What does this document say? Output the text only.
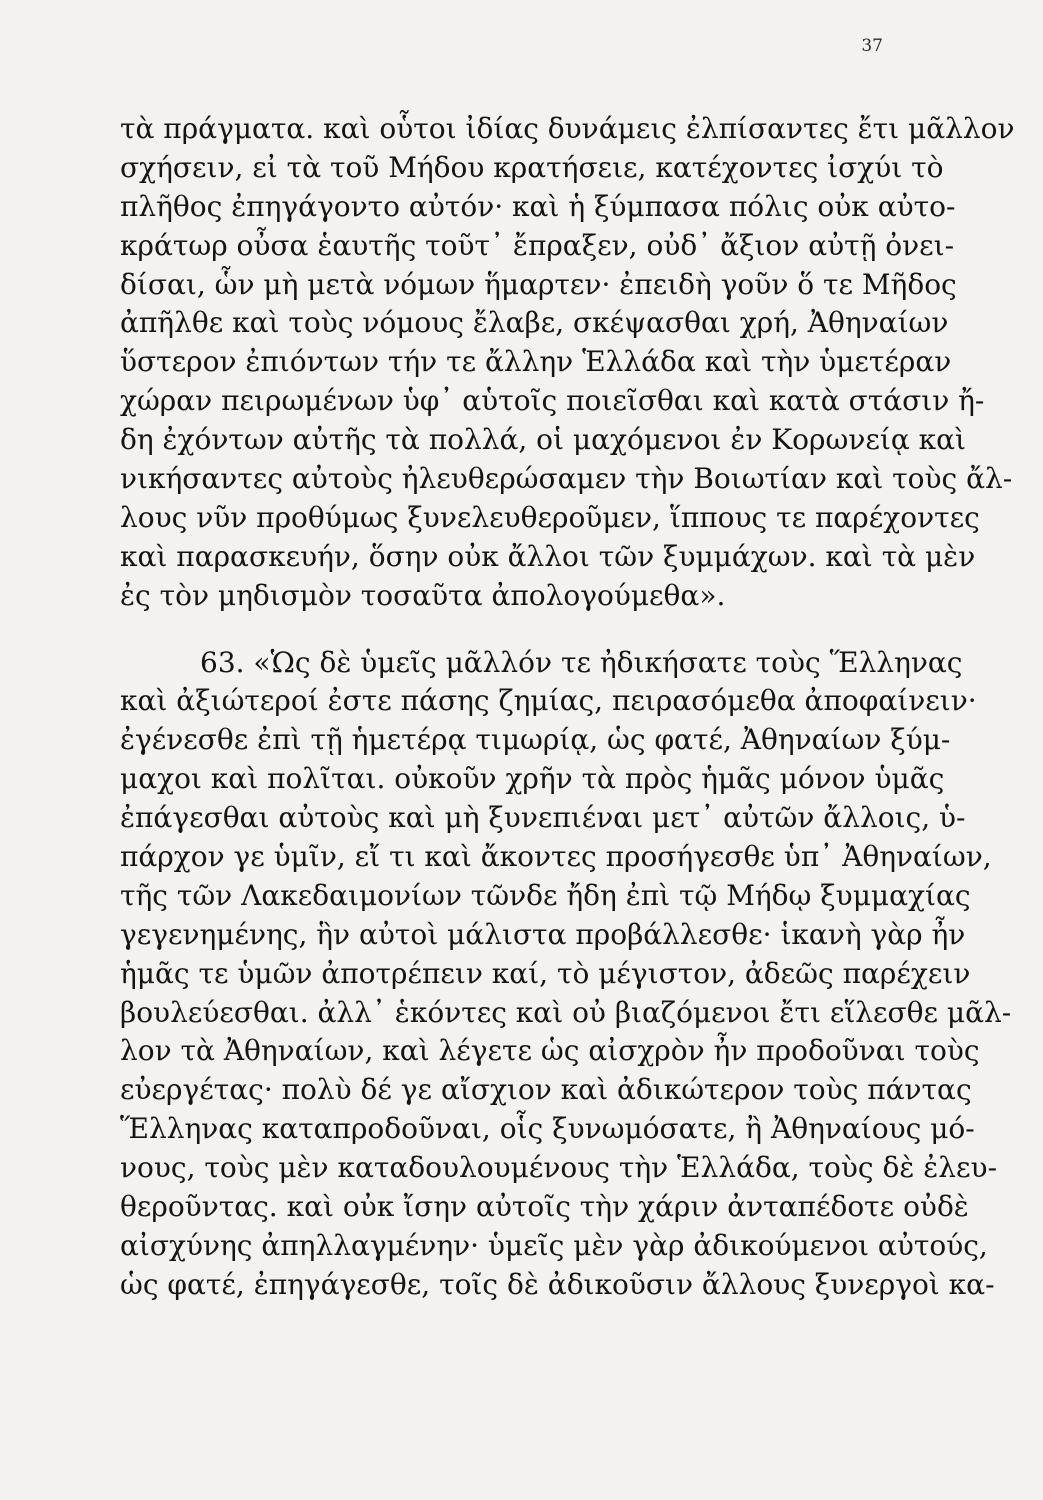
37
τὰ πράγματα. καὶ οὗτοι ἰδίας δυνάμεις ἐλπίσαντες ἔτι μᾶλλον
σχήσειν, εἰ τὰ τοῦ Μήδου κρατήσειε, κατέχοντες ἰσχύι τὸ
πλῆθος ἐπηγάγοντο αὐτόν· καὶ ἡ ξύμπασα πόλις οὐκ αὐτο-
κράτωρ οὖσα ἑαυτῆς τοῦτ᾽ ἔπραξεν, οὐδ᾽ ἄξιον αὐτῇ ὀνει-
δίσαι, ὧν μὴ μετὰ νόμων ἥμαρτεν· ἐπειδὴ γοῦν ὅ τε Μῆδος
ἀπῆλθε καὶ τοὺς νόμους ἔλαβε, σκέψασθαι χρή, Ἀθηναίων
ὕστερον ἐπιόντων τήν τε ἄλλην Ἑλλάδα καὶ τὴν ὑμετέραν
χώραν πειρωμένων ὑφ᾽ αὑτοῖς ποιεῖσθαι καὶ κατὰ στάσιν ἤ-
δη ἐχόντων αὐτῆς τὰ πολλά, οἱ μαχόμενοι ἐν Κορωνείᾳ καὶ
νικήσαντες αὐτοὺς ἠλευθερώσαμεν τὴν Βοιωτίαν καὶ τοὺς ἄλ-
λους νῦν προθύμως ξυνελευθεροῦμεν, ἵππους τε παρέχοντες
καὶ παρασκευήν, ὅσην οὐκ ἄλλοι τῶν ξυμμάχων. καὶ τὰ μὲν
ἐς τὸν μηδισμὸν τοσαῦτα ἀπολογούμεθα».
63. «Ὡς δὲ ὑμεῖς μᾶλλόν τε ἠδικήσατε τοὺς Ἕλληνας
καὶ ἀξιώτεροί ἐστε πάσης ζημίας, πειρασόμεθα ἀποφαίνειν·
ἐγένεσθε ἐπὶ τῇ ἡμετέρᾳ τιμωρίᾳ, ὡς φατέ, Ἀθηναίων ξύμ-
μαχοι καὶ πολῖται. οὐκοῦν χρῆν τὰ πρὸς ἡμᾶς μόνον ὑμᾶς
ἐπάγεσθαι αὐτοὺς καὶ μὴ ξυνεπιέναι μετ᾽ αὐτῶν ἄλλοις, ὑ-
πάρχον γε ὑμῖν, εἴ τι καὶ ἄκοντες προσήγεσθε ὑπ᾽ Ἀθηναίων,
τῆς τῶν Λακεδαιμονίων τῶνδε ἤδη ἐπὶ τῷ Μήδῳ ξυμμαχίας
γεγενημένης, ἣν αὐτοὶ μάλιστα προβάλλεσθε· ἱκανὴ γὰρ ἦν
ἡμᾶς τε ὑμῶν ἀποτρέπειν καί, τὸ μέγιστον, ἀδεῶς παρέχειν
βουλεύεσθαι. ἀλλ᾽ ἑκόντες καὶ οὐ βιαζόμενοι ἔτι εἵλεσθε μᾶλ-
λον τὰ Ἀθηναίων, καὶ λέγετε ὡς αἰσχρὸν ἦν προδοῦναι τοὺς
εὐεργέτας· πολὺ δέ γε αἴσχιον καὶ ἀδικώτερον τοὺς πάντας
Ἕλληνας καταπροδοῦναι, οἷς ξυνωμόσατε, ἢ Ἀθηναίους μό-
νους, τοὺς μὲν καταδουλουμένους τὴν Ἑλλάδα, τοὺς δὲ ἐλευ-
θεροῦντας. καὶ οὐκ ἴσην αὐτοῖς τὴν χάριν ἀνταπέδοτε οὐδὲ
αἰσχύνης ἀπηλλαγμένην· ὑμεῖς μὲν γὰρ ἀδικούμενοι αὐτούς,
ὡς φατέ, ἐπηγάγεσθε, τοῖς δὲ ἀδικοῦσιν ἄλλους ξυνεργοὶ κα-
